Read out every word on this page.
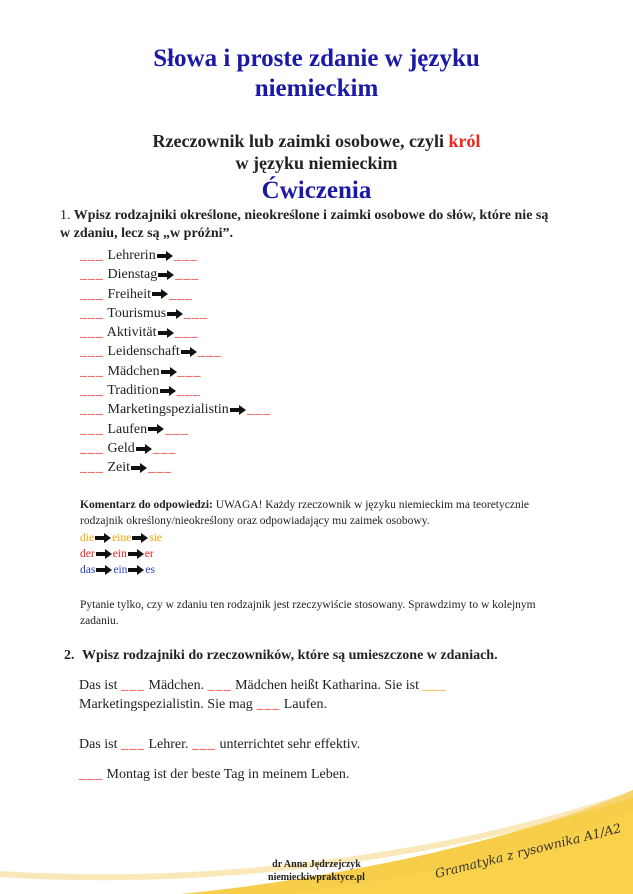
Słowa i proste zdanie w języku
niemieckim
Rzeczownik lub zaimki osobowe, czyli król
w języku niemieckim
Ćwiczenia
1. Wpisz rodzajniki określone, nieokreślone i zaimki osobowe do słów, które nie są
w zdaniu, lecz są „w próżni”.
___ Lehrerin ___
___ Dienstag ___
___ Freiheit ___
___ Tourismus ___
___ Aktivität ___
___ Leidenschaft ___
___ Mädchen ___
___ Tradition ___
___ Marketingspezialistin ___
___ Laufen ___
___ Geld ___
___ Zeit ___
Komentarz do odpowiedzi: UWAGA! Każdy rzeczownik w języku niemieckim ma teoretycznie
rodzajnik określony/nieokreślony oraz odpowiadający mu zaimek osobowy.
die eine sie
der ein er
das ein es
Pytanie tylko, czy w zdaniu ten rodzajnik jest rzeczywiście stosowany. Sprawdzimy to w kolejnym
zadaniu.
2. Wpisz rodzajniki do rzeczowników, które są umieszczone w zdaniach.
Das ist ___ Mädchen. ___ Mädchen heißt Katharina. Sie ist ___
Marketingspezialistin. Sie mag ___ Laufen.
Das ist ___ Lehrer. ___ unterrichtet sehr effektiv.
___ Montag ist der beste Tag in meinem Leben.
Gramatyka z rysownika A1/A2
dr Anna Jędrzejczyk
niemieckiwpraktyce.pl
